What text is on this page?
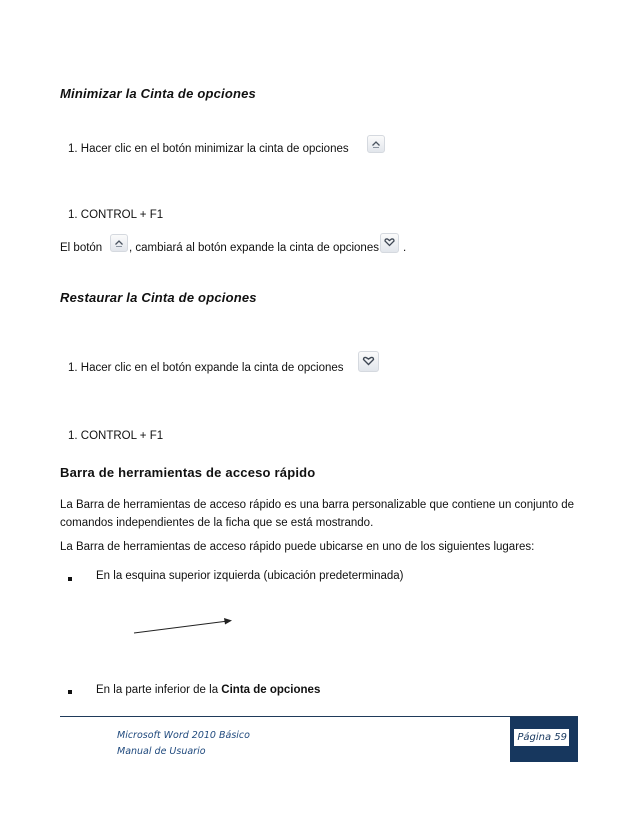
Minimizar la Cinta de opciones
1. Hacer clic en el botón minimizar la cinta de opciones
1. CONTROL + F1
El botón , cambiará al botón expande la cinta de opciones .
Restaurar la Cinta de opciones
1. Hacer clic en el botón expande la cinta de opciones
1. CONTROL + F1
Barra de herramientas de acceso rápido
La Barra de herramientas de acceso rápido es una barra personalizable que contiene un conjunto de
comandos independientes de la ficha que se está mostrando.
La Barra de herramientas de acceso rápido puede ubicarse en uno de los siguientes lugares:
En la esquina superior izquierda (ubicación predeterminada)
En la parte inferior de la Cinta de opciones
Microsoft Word 2010 Básico
Manual de Usuario
Página 59
